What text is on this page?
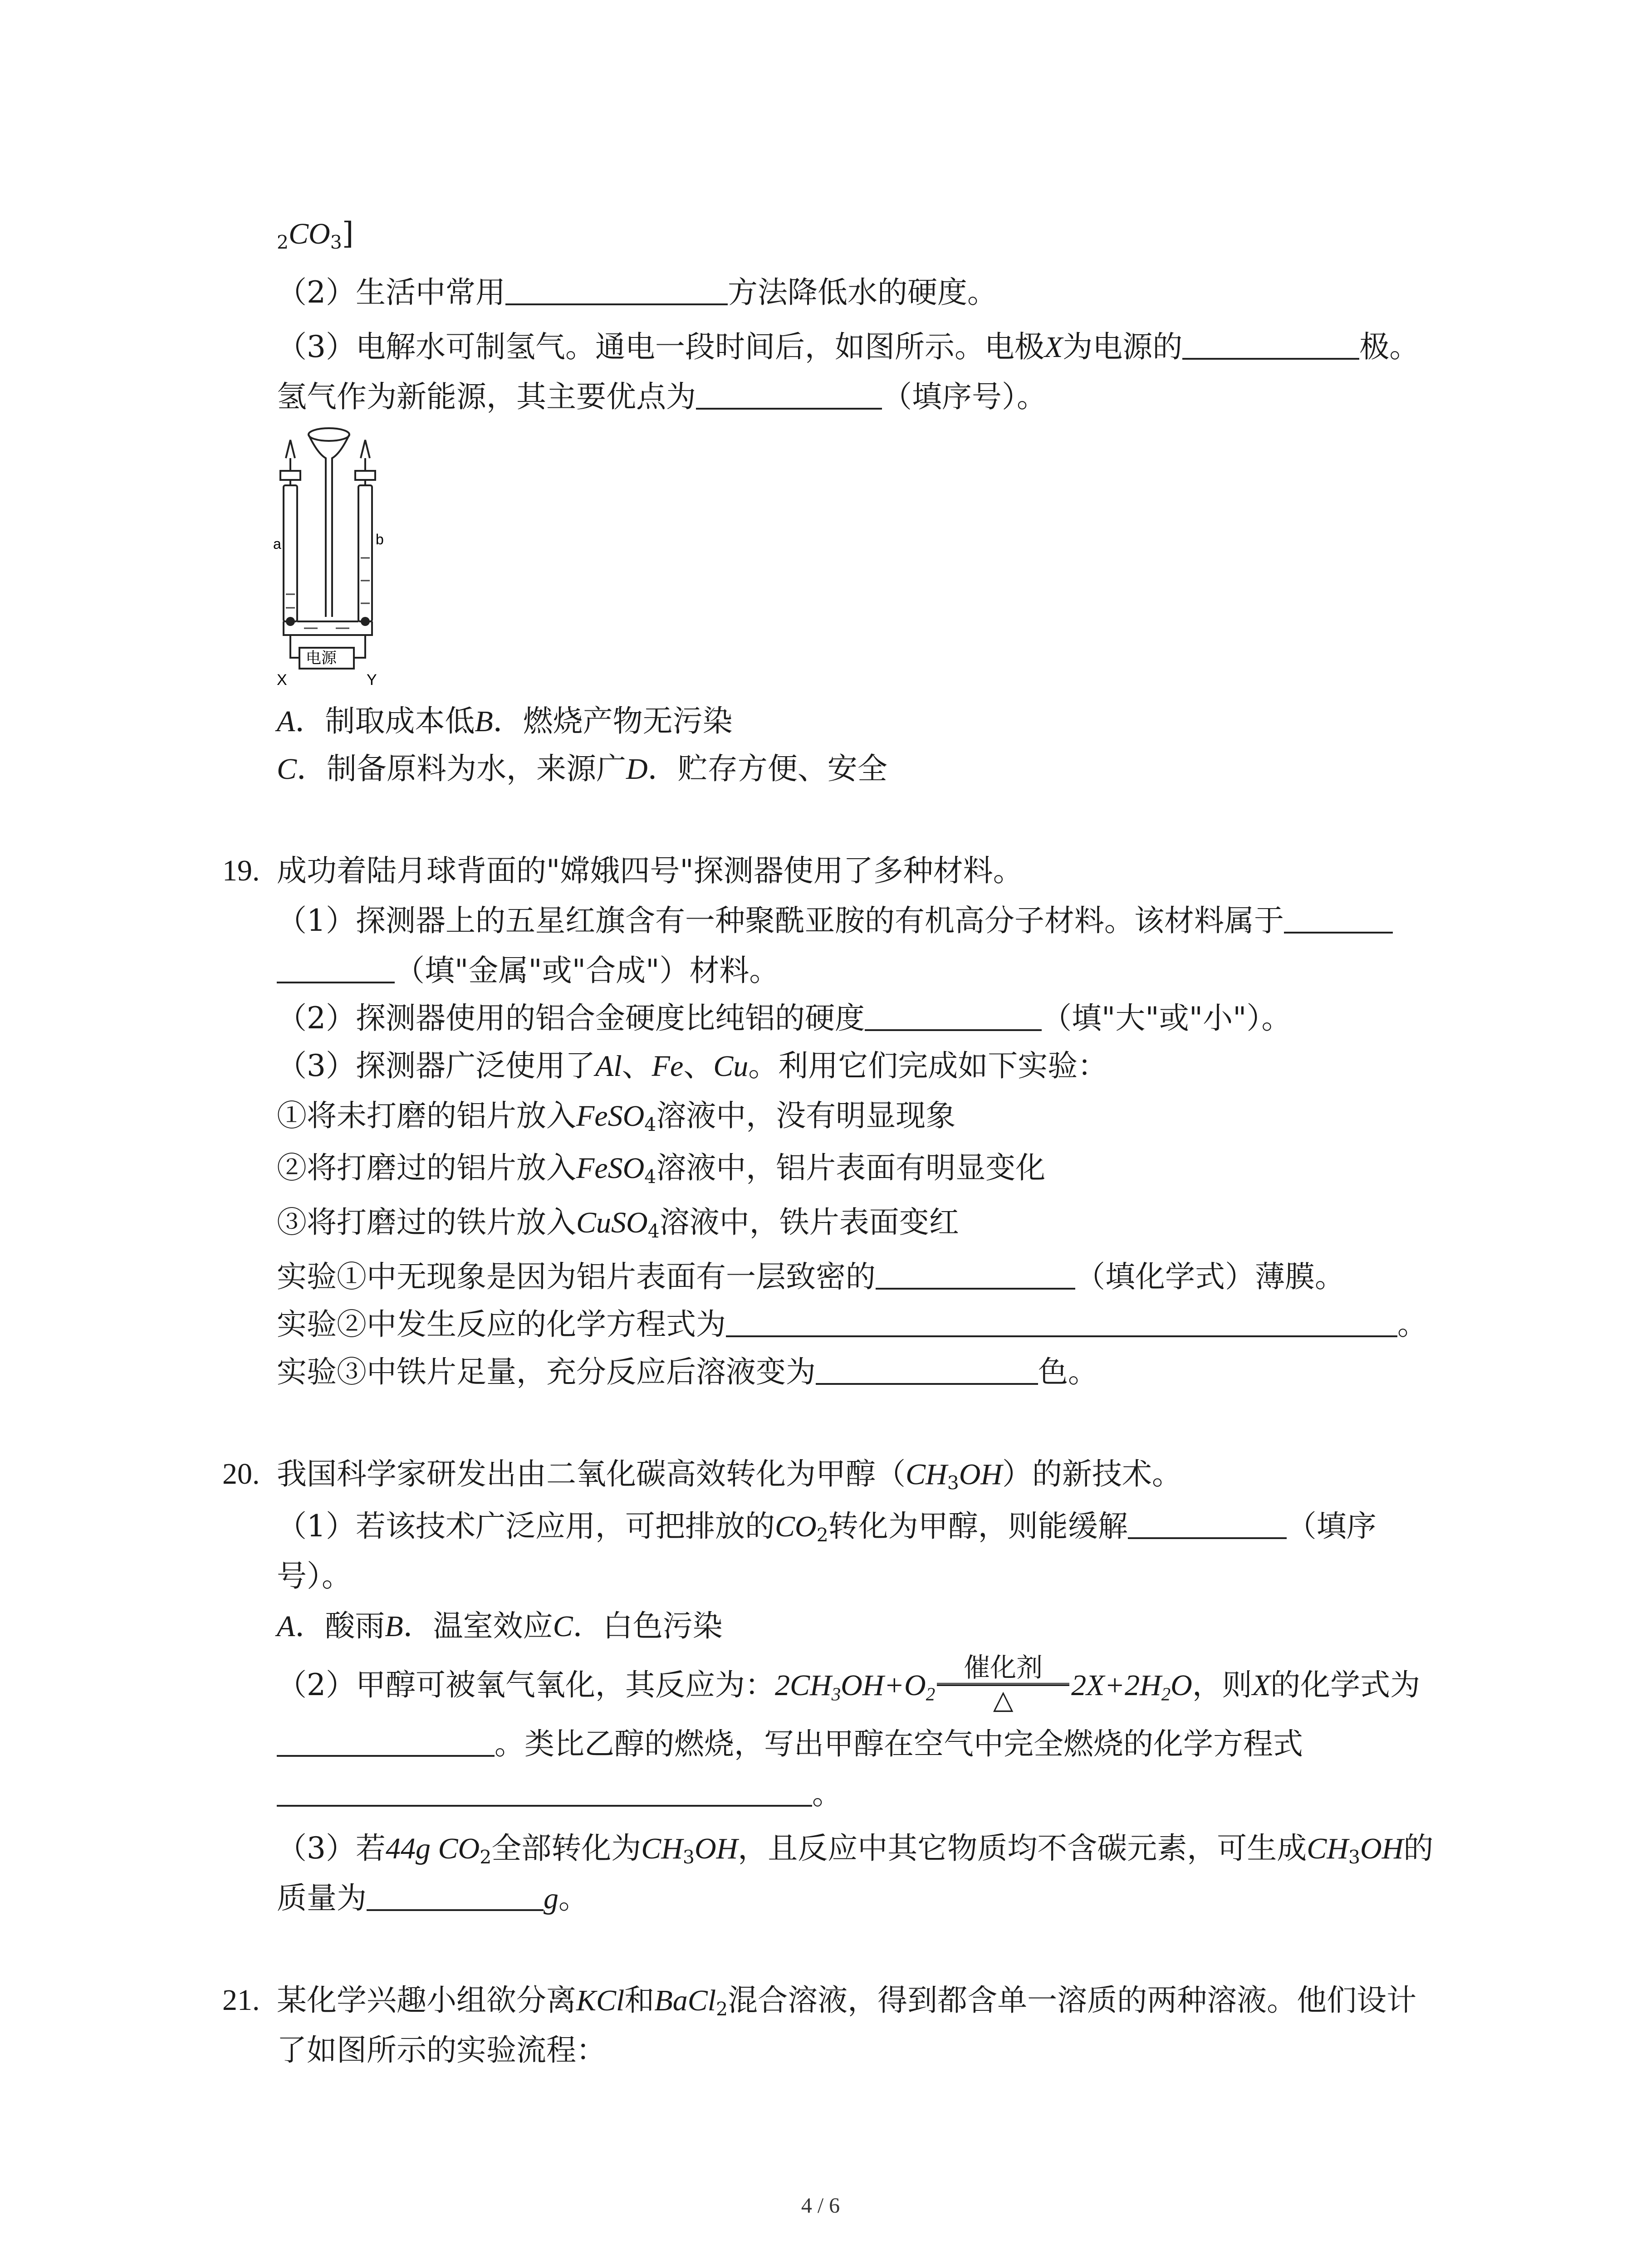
$_2CO_3$]
（2）生活中常用	方法降低水的硬度。
（3）电解水可制氢气。通电一段时间后，如图所示。电极X为电源的	极。
氢气作为新能源，其主要优点为	（填序号）。
a	b
电源
X	Y
A．制取成本低B．燃烧产物无污染
C．制备原料为水，来源广D．贮存方便、安全
19. 成功着陆月球背面的"嫦娥四号"探测器使用了多种材料。
（1）探测器上的五星红旗含有一种聚酰亚胺的有机高分子材料。该材料属于
（填"金属"或"合成"）材料。
（2）探测器使用的铝合金硬度比纯铝的硬度	（填"大"或"小"）。
（3）探测器广泛使用了Al、Fe、Cu。利用它们完成如下实验：
①将未打磨的铝片放入FeSO$_4$溶液中，没有明显现象
②将打磨过的铝片放入FeSO$_4$溶液中，铝片表面有明显变化
③将打磨过的铁片放入CuSO$_4$溶液中，铁片表面变红
实验①中无现象是因为铝片表面有一层致密的	（填化学式）薄膜。
实验②中发生反应的化学方程式为	。
实验③中铁片足量，充分反应后溶液变为	色。
20. 我国科学家研发出由二氧化碳高效转化为甲醇$(CH_3OH)$的新技术。
（1）若该技术广泛应用，可把排放的$CO_2$转化为甲醇，则能缓解	（填序
号）。
A．酸雨B．温室效应C．白色污染
（2）甲醇可被氧气氧化，其反应为：$2CH_3OH+O_2$
催化剂
△	$2X+2H_2O$，则X的化学式为
。类比乙醇的燃烧，写出甲醇在空气中完全燃烧的化学方程式
。
（3）若44g $CO_2$全部转化为$CH_3OH$，且反应中其它物质均不含碳元素，可生成$CH_3OH$的
质量为	g。
21. 某化学兴趣小组欲分离KCl和BaCl$_2$混合溶液，得到都含单一溶质的两种溶液。他们设计
了如图所示的实验流程：
4 / 6
